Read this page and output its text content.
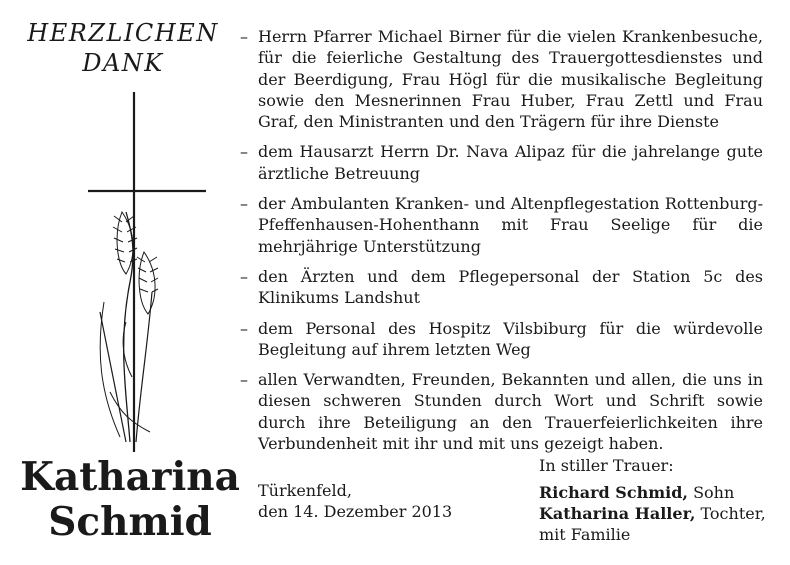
HERZLICHEN
DANK
– Herrn Pfarrer Michael Birner für die vielen Krankenbesuche, für die feierliche Gestaltung des Trauergottesdienstes und der Beerdigung, Frau Högl für die musikalische Begleitung sowie den Mesnerinnen Frau Huber, Frau Zettl und Frau Graf, den Ministranten und den Trägern für ihre Dienste
– dem Hausarzt Herrn Dr. Nava Alipaz für die jahrelange gute ärztliche Betreuung
– der Ambulanten Kranken- und Altenpflegestation Rottenburg-Pfeffenhausen-Hohenthann mit Frau Seelige für die mehrjährige Unterstützung
– den Ärzten und dem Pflegepersonal der Station 5c des Klinikums Landshut
– dem Personal des Hospitz Vilsbiburg für die würdevolle Begleitung auf ihrem letzten Weg
– allen Verwandten, Freunden, Bekannten und allen, die uns in diesen schweren Stunden durch Wort und Schrift sowie durch ihre Beteiligung an den Trauerfeierlichkeiten ihre Verbundenheit mit ihr und mit uns gezeigt haben.
Katharina
Schmid
Türkenfeld,
den 14. Dezember 2013
In stiller Trauer:
Richard Schmid, Sohn
Katharina Haller, Tochter,
mit Familie
